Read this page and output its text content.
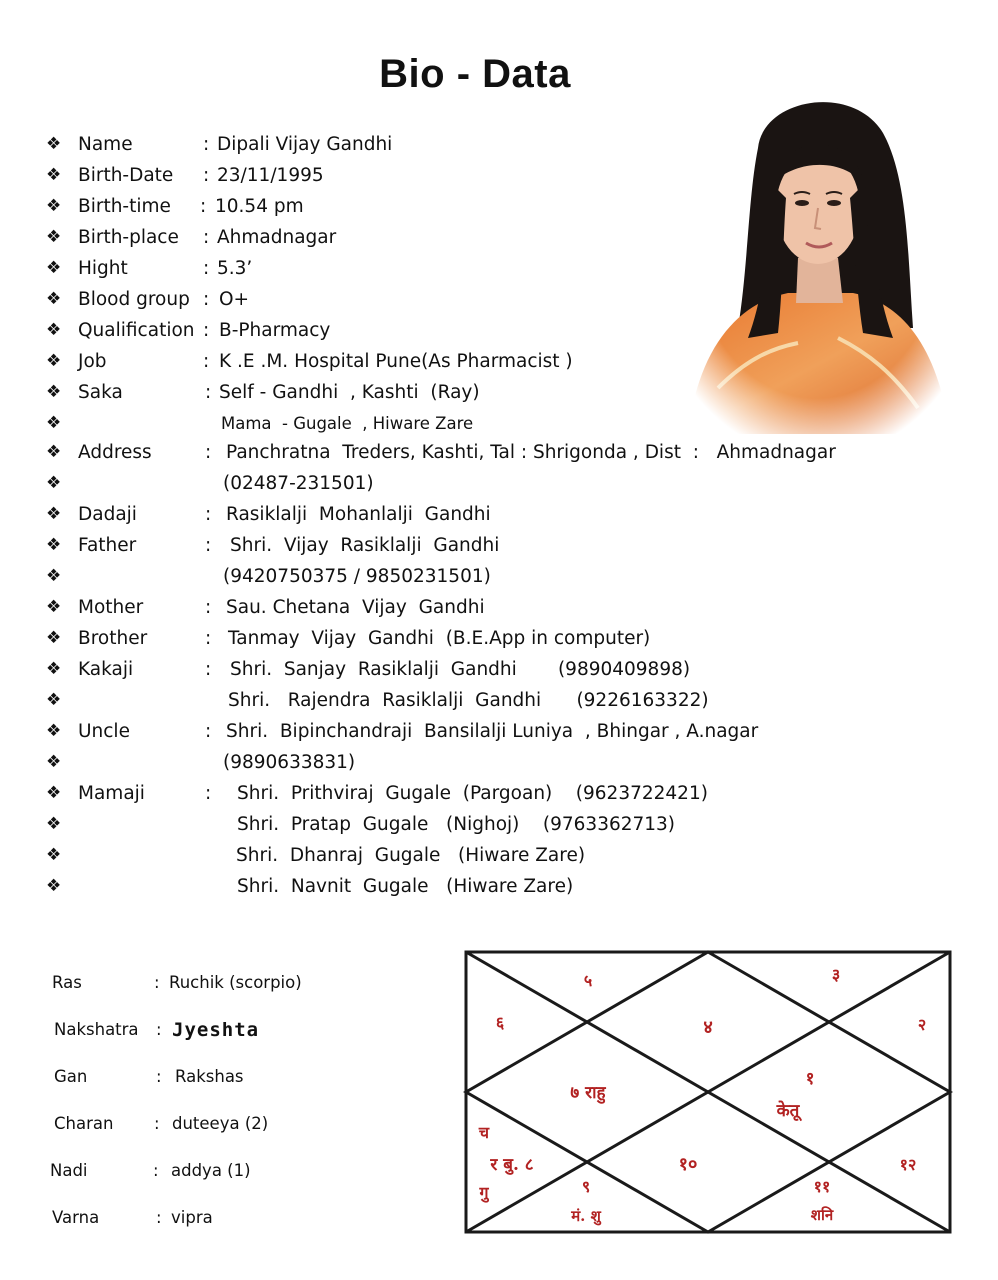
Bio - Data
❖ Name	: Dipali Vijay Gandhi
❖ Birth-Date : 23/11/1995
❖ Birth-time : 10.54 pm
❖ Birth-place : Ahmadnagar
❖ Hight	: 5.3’
❖ Blood group : O+
❖ Qualification : B-Pharmacy
❖ Job	: K .E .M. Hospital Pune(As Pharmacist )
❖ Saka	: Self - Gandhi  , Kashti  (Ray)
❖	Mama  - Gugale  , Hiware Zare
❖ Address	: Panchratna  Treders, Kashti, Tal : Shrigonda , Dist  :   Ahmadnagar
❖	(02487-231501)
❖ Dadaji	: Rasiklalji  Mohanlalji  Gandhi
❖ Father	: Shri.  Vijay  Rasiklalji  Gandhi
❖	(9420750375 / 9850231501)
❖ Mother	: Sau. Chetana  Vijay  Gandhi
❖ Brother	: Tanmay  Vijay  Gandhi  (B.E.App in computer)
❖ Kakaji	: Shri.  Sanjay  Rasiklalji  Gandhi       (9890409898)
❖	Shri.   Rajendra  Rasiklalji  Gandhi      (9226163322)
❖ Uncle	: Shri.  Bipinchandraji  Bansilalji Luniya  , Bhingar , A.nagar
❖	(9890633831)
❖ Mamaji	: Shri.  Prithviraj  Gugale  (Pargoan)    (9623722421)
❖	Shri.  Pratap  Gugale   (Nighoj)    (9763362713)
❖	Shri.  Dhanraj  Gugale   (Hiware Zare)
❖	Shri.  Navnit  Gugale   (Hiware Zare)
Ras	: Ruchik (scorpio)
Nakshatra : Jyeshta
Gan	: Rakshas
Charan : duteeya (2)
Nadi	: addya (1)
Varna	: vipra
४
५
६
७ राहु
च
र बु. ८
गु	९
मं. शु
१०
११
शनि
१२
१
केतू
२
३
